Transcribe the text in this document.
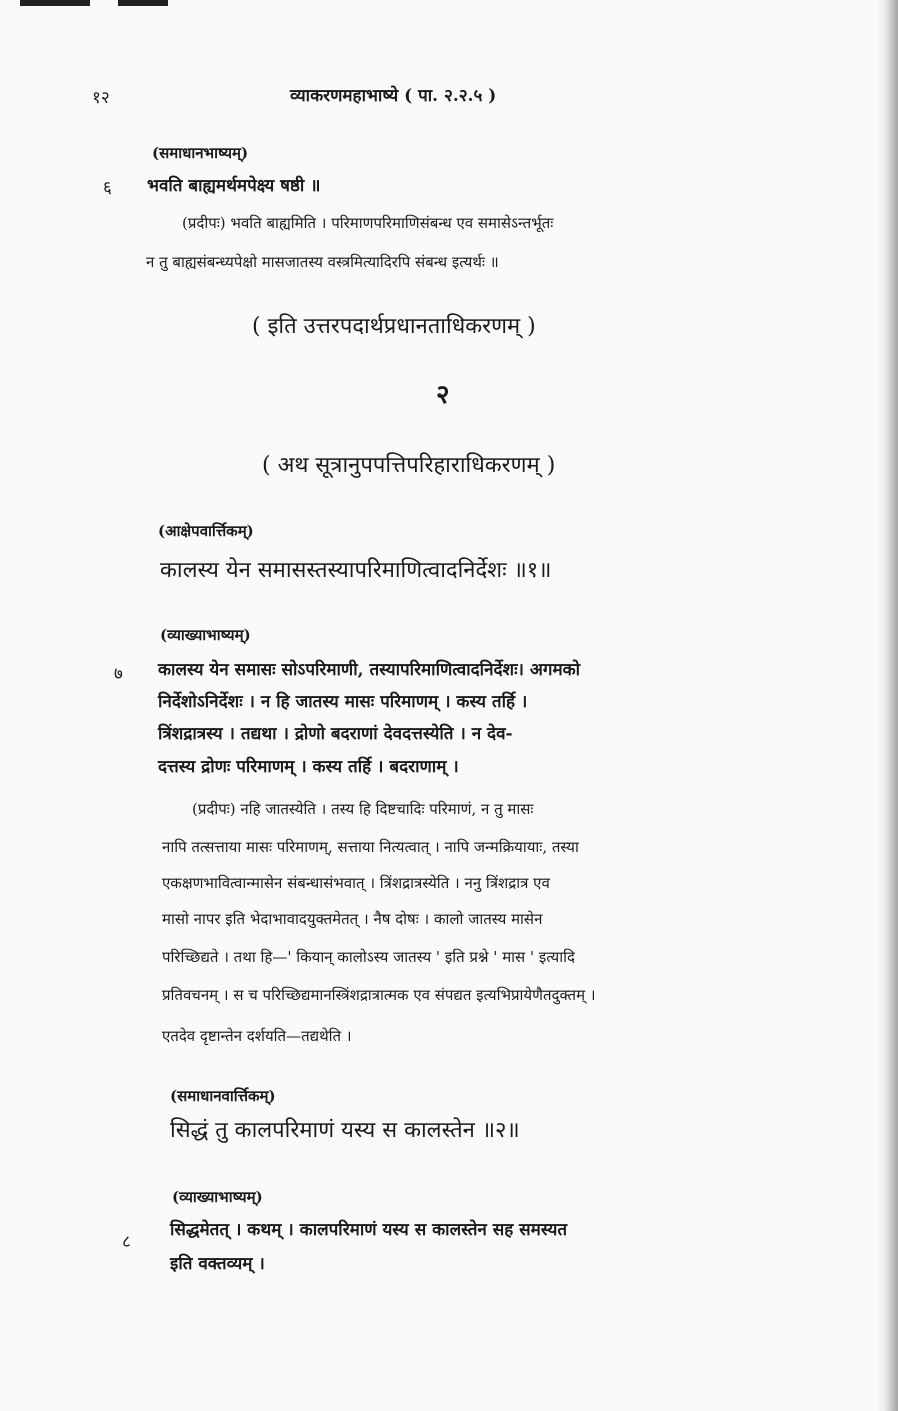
१२	व्याकरणमहाभाष्ये ( पा. २.२.५ )
(समाधानभाष्यम्)
६ भवति बाह्यमर्थमपेक्ष्य षष्ठी ॥
(प्रदीपः) भवति बाह्यमिति । परिमाणपरिमाणिसंबन्ध एव समासेऽन्तर्भूतः
न तु बाह्यसंबन्ध्यपेक्षो मासजातस्य वस्त्रमित्यादिरपि संबन्ध इत्यर्थः ॥
( इति उत्तरपदार्थप्रधानताधिकरणम् )
२
( अथ सूत्रानुपपत्तिपरिहाराधिकरणम् )
(आक्षेपवार्त्तिकम्)
कालस्य येन समासस्तस्यापरिमाणित्वादनिर्देशः ॥१॥
(व्याख्याभाष्यम्)
७ कालस्य येन समासः सोऽपरिमाणी, तस्यापरिमाणित्वादनिर्देशः। अगमको
निर्देशोऽनिर्देशः । न हि जातस्य मासः परिमाणम् । कस्य तर्हि ।
त्रिंशद्रात्रस्य । तद्यथा । द्रोणो बदराणां देवदत्तस्येति । न देव-
दत्तस्य द्रोणः परिमाणम् । कस्य तर्हि । बदराणाम् ।
(प्रदीपः) नहि जातस्येति । तस्य हि दिष्टचादिः परिमाणं, न तु मासः
नापि तत्सत्ताया मासः परिमाणम्, सत्ताया नित्यत्वात् । नापि जन्मक्रियायाः, तस्या
एकक्षणभावित्वान्मासेन संबन्धासंभवात् । त्रिंशद्रात्रस्येति । ननु त्रिंशद्रात्र एव
मासो नापर इति भेदाभावादयुक्तमेतत् । नैष दोषः । कालो जातस्य मासेन
परिच्छिद्यते । तथा हि—' कियान् कालोऽस्य जातस्य ' इति प्रश्ने ' मास ' इत्यादि
प्रतिवचनम् । स च परिच्छिद्यमानस्त्रिंशद्रात्रात्मक एव संपद्यत इत्यभिप्रायेणैतदुक्तम् ।
एतदेव दृष्टान्तेन दर्शयति—तद्यथेति ।
(समाधानवार्त्तिकम्)
सिद्धं तु कालपरिमाणं यस्य स कालस्तेन ॥२॥
(व्याख्याभाष्यम्)
८
सिद्धमेतत् । कथम् । कालपरिमाणं यस्य स कालस्तेन सह समस्यत
इति वक्तव्यम् ।
